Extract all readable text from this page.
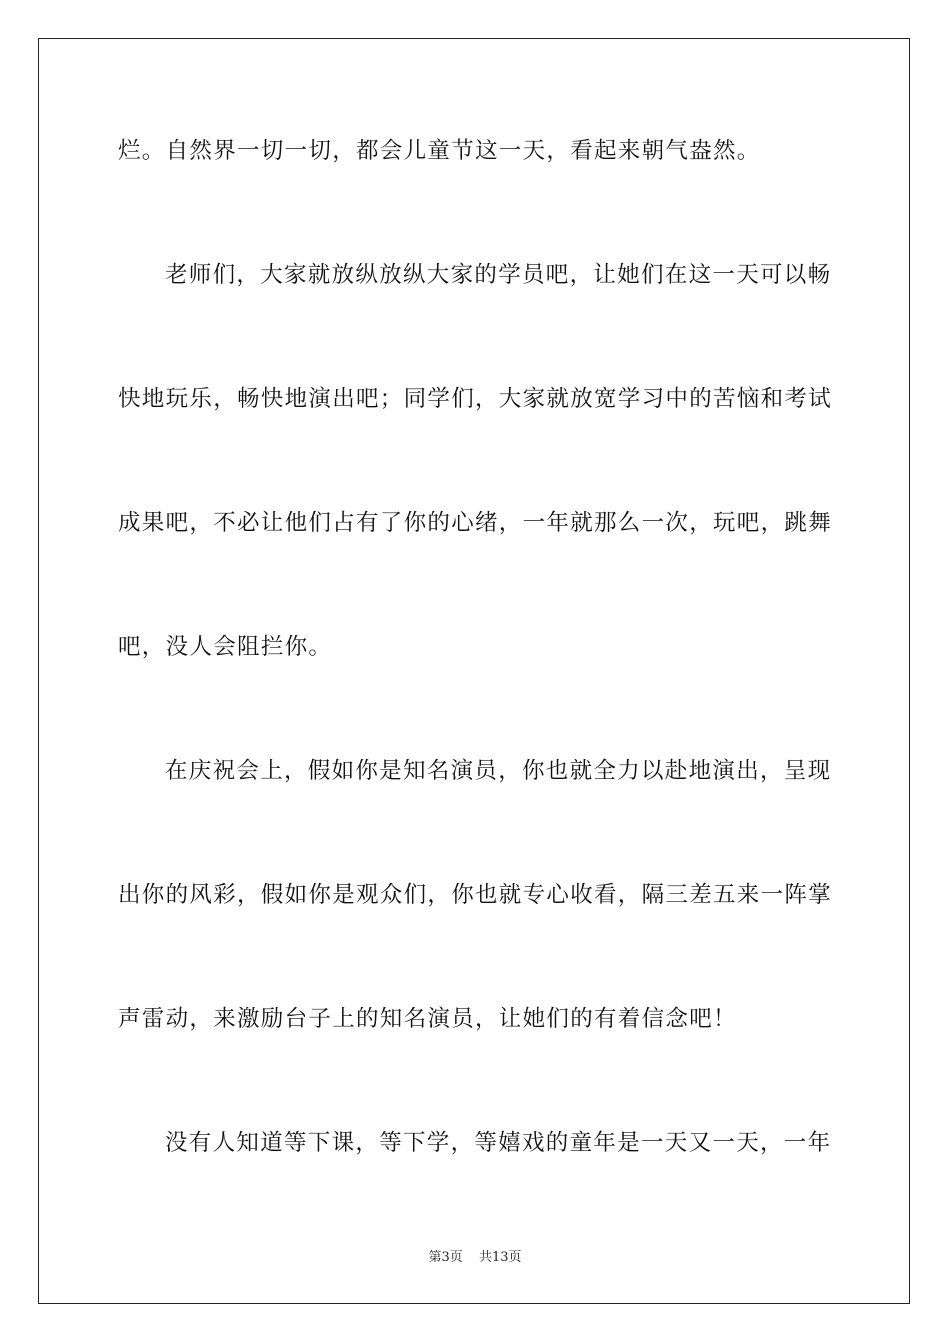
烂。自然界一切一切，都会儿童节这一天，看起来朝气盎然。
老师们，大家就放纵放纵大家的学员吧，让她们在这一天可以畅
快地玩乐，畅快地演出吧；同学们，大家就放宽学习中的苦恼和考试
成果吧，不必让他们占有了你的心绪，一年就那么一次，玩吧，跳舞
吧，没人会阻拦你。
在庆祝会上，假如你是知名演员，你也就全力以赴地演出，呈现
出你的风彩，假如你是观众们，你也就专心收看，隔三差五来一阵掌
声雷动，来激励台子上的知名演员，让她们的有着信念吧！
没有人知道等下课，等下学，等嬉戏的童年是一天又一天，一年
第3页 共13页
